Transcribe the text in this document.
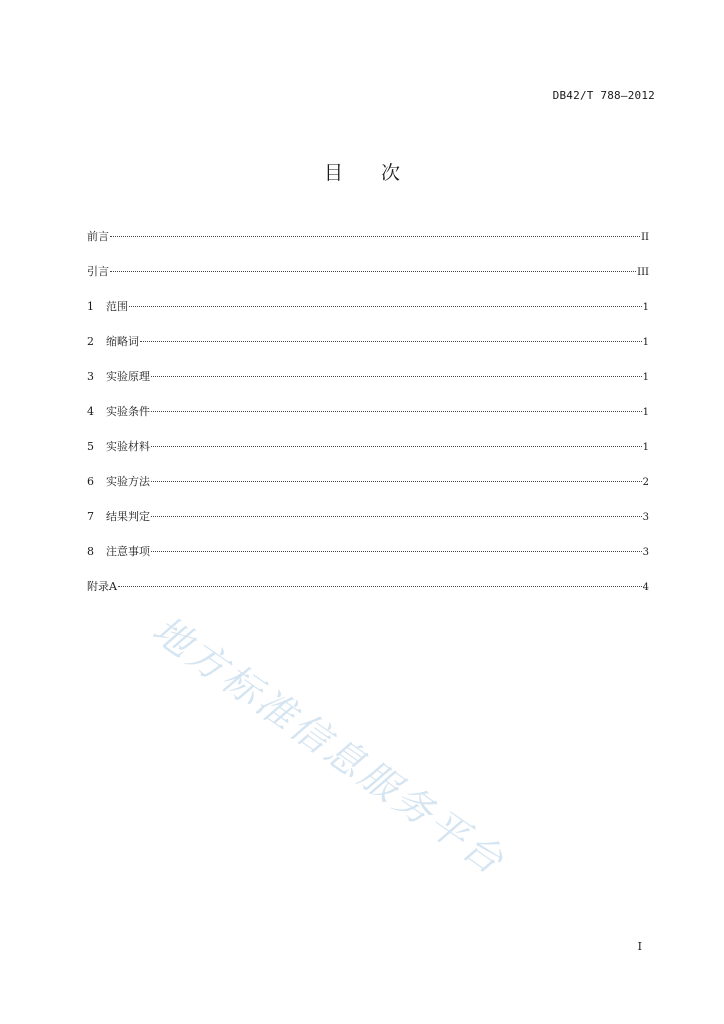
DB42/T 788—2012
目次
前言	II
引言	III
1	范围	1
2	缩略词	1
3	实验原理	1
4	实验条件	1
5	实验材料	1
6	实验方法	2
7	结果判定	3
8	注意事项	3
附录A	4
地方标准信息服务平台
I
